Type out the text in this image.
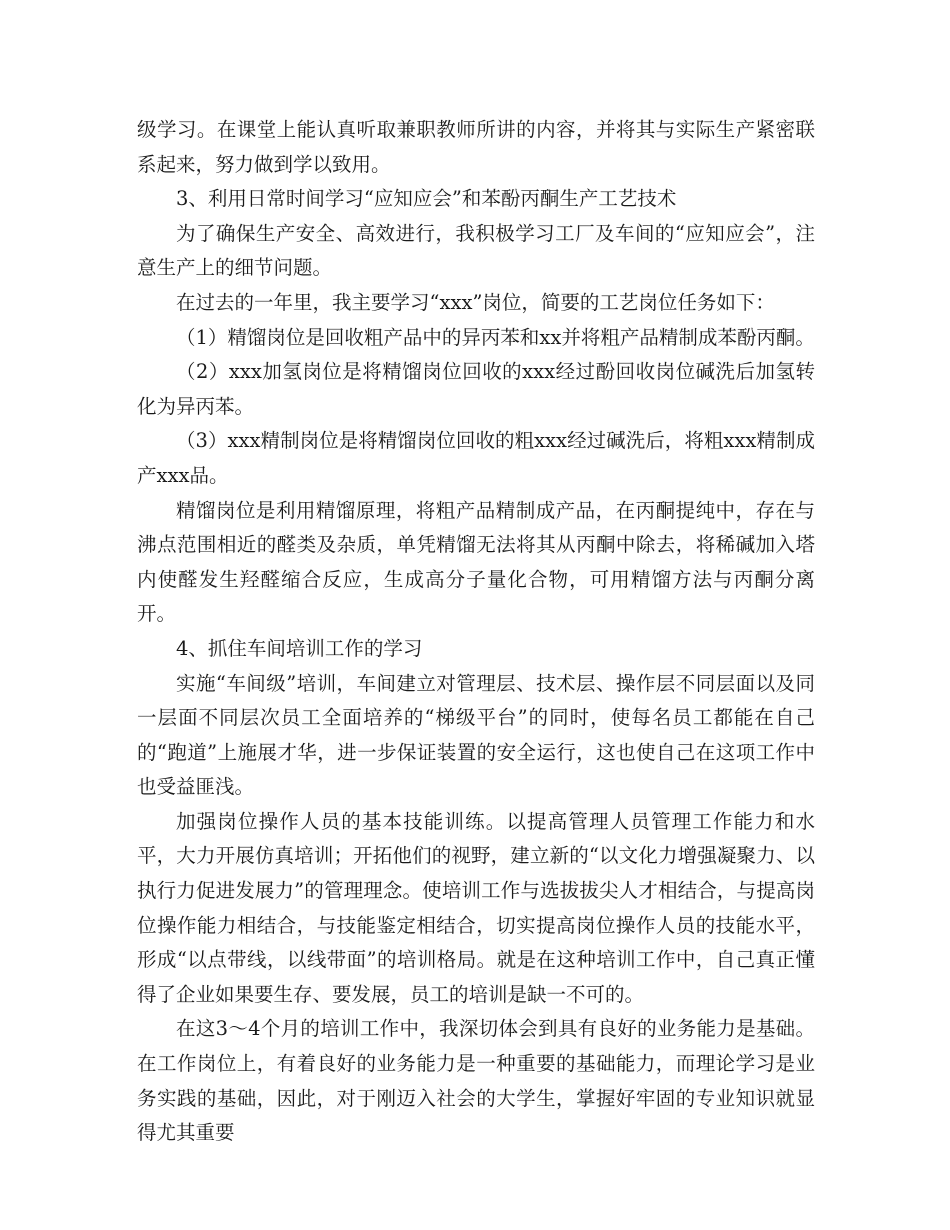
级学习。在课堂上能认真听取兼职教师所讲的内容，并将其与实际生产紧密联系起来，努力做到学以致用。

3、利用日常时间学习“应知应会”和苯酚丙酮生产工艺技术

为了确保生产安全、高效进行，我积极学习工厂及车间的“应知应会”，注意生产上的细节问题。

在过去的一年里，我主要学习“xxx”岗位，简要的工艺岗位任务如下：

（1）精馏岗位是回收粗产品中的异丙苯和xx并将粗产品精制成苯酚丙酮。

（2）xxx加氢岗位是将精馏岗位回收的xxx经过酚回收岗位碱洗后加氢转化为异丙苯。

（3）xxx精制岗位是将精馏岗位回收的粗xxx经过碱洗后，将粗xxx精制成产xxx品。

精馏岗位是利用精馏原理，将粗产品精制成产品，在丙酮提纯中，存在与沸点范围相近的醛类及杂质，单凭精馏无法将其从丙酮中除去，将稀碱加入塔内使醛发生羟醛缩合反应，生成高分子量化合物，可用精馏方法与丙酮分离开。

4、抓住车间培训工作的学习

实施“车间级”培训，车间建立对管理层、技术层、操作层不同层面以及同一层面不同层次员工全面培养的“梯级平台”的同时，使每名员工都能在自己的“跑道”上施展才华，进一步保证装置的安全运行，这也使自己在这项工作中也受益匪浅。

加强岗位操作人员的基本技能训练。以提高管理人员管理工作能力和水平，大力开展仿真培训；开拓他们的视野，建立新的“以文化力增强凝聚力、以执行力促进发展力”的管理理念。使培训工作与选拔拔尖人才相结合，与提高岗位操作能力相结合，与技能鉴定相结合，切实提高岗位操作人员的技能水平，形成“以点带线，以线带面”的培训格局。就是在这种培训工作中，自己真正懂得了企业如果要生存、要发展，员工的培训是缺一不可的。

在这3～4个月的培训工作中，我深切体会到具有良好的业务能力是基础。在工作岗位上，有着良好的业务能力是一种重要的基础能力，而理论学习是业务实践的基础，因此，对于刚迈入社会的大学生，掌握好牢固的专业知识就显得尤其重要
